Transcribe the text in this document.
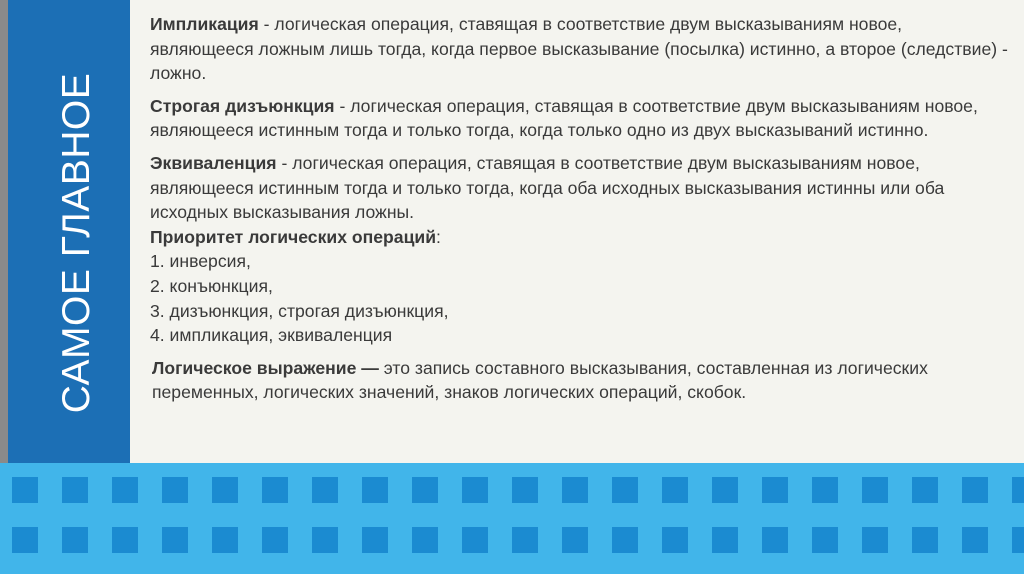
САМОЕ ГЛАВНОЕ

Импликация - логическая операция, ставящая в соответствие двум высказываниям новое, являющееся ложным лишь тогда, когда первое высказывание (посылка) истинно, а второе (следствие) - ложно.

Строгая дизъюнкция - логическая операция, ставящая в соответствие двум высказываниям новое, являющееся истинным тогда и только тогда, когда только одно из двух высказываний истинно.

Эквиваленция - логическая операция, ставящая в соответствие двум высказываниям новое, являющееся истинным тогда и только тогда, когда оба исходных высказывания истинны или оба исходных высказывания ложны.

Приоритет логических операций:

1. инверсия,
2. конъюнкция,
3. дизъюнкция, строгая дизъюнкция,
4. импликация, эквиваленция

Логическое выражение — это запись составного высказывания, составленная из логических переменных, логических значений, знаков логических операций, скобок.
